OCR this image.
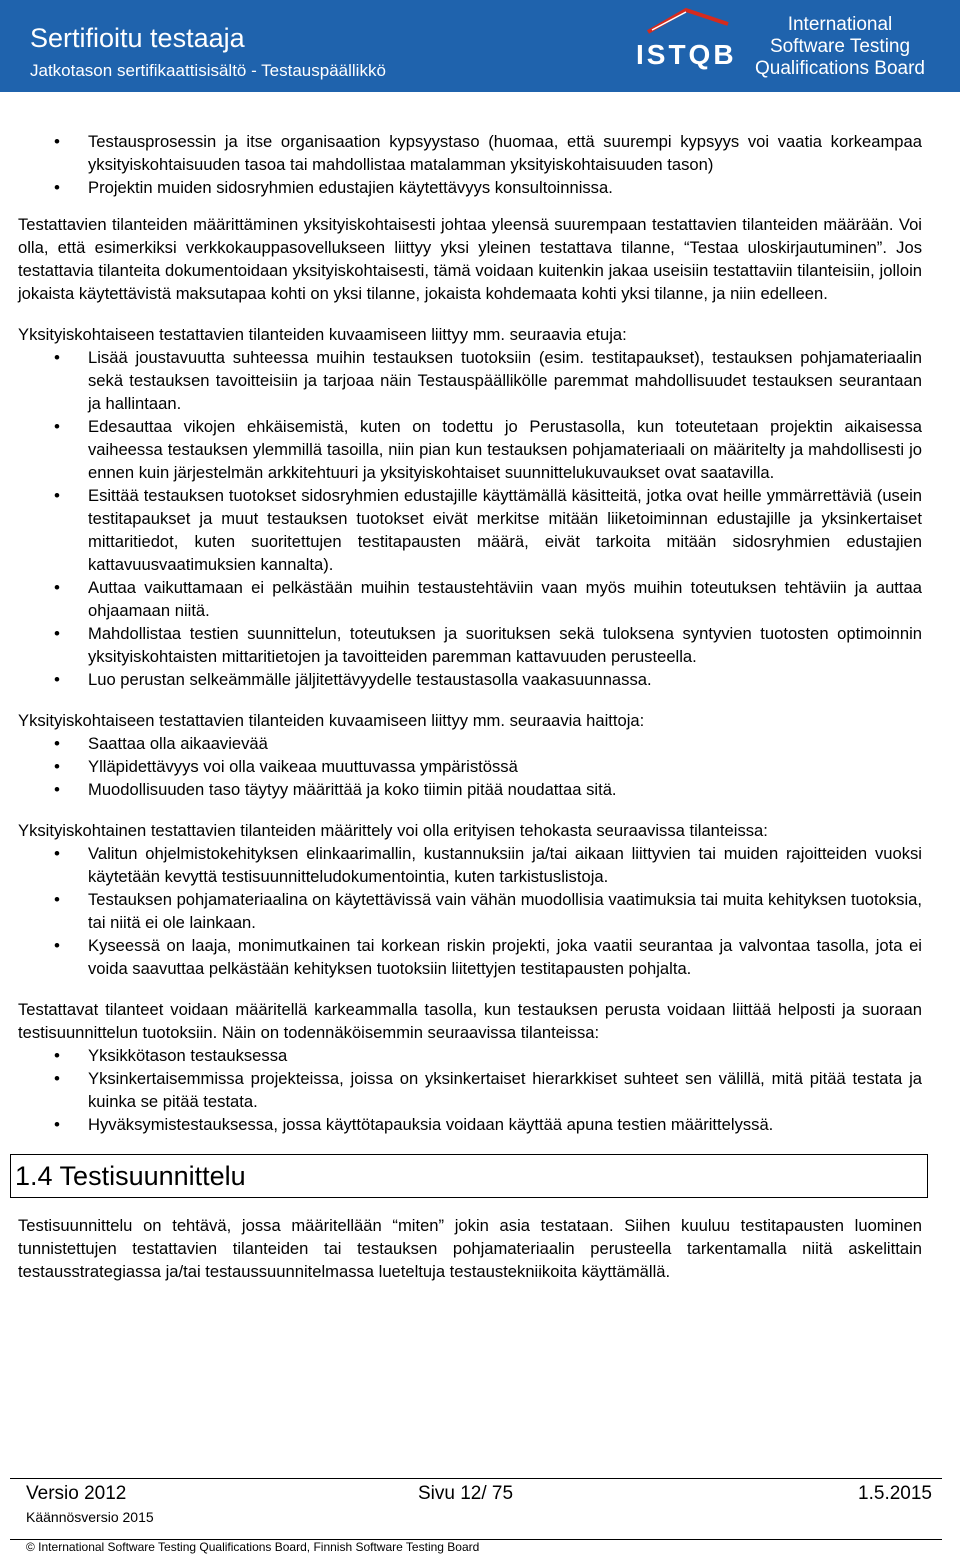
Sertifioitu testaaja
Jatkotason sertifikaattisisältö - Testauspäällikkö
ISTQB
International
Software Testing
Qualifications Board
• Testausprosessin ja itse organisaation kypsyystaso (huomaa, että suurempi kypsyys voi vaatia korkeampaa yksityiskohtaisuuden tasoa tai mahdollistaa matalamman yksityiskohtaisuuden tason)
• Projektin muiden sidosryhmien edustajien käytettävyys konsultoinnissa.

Testattavien tilanteiden määrittäminen yksityiskohtaisesti johtaa yleensä suurempaan testattavien tilanteiden määrään. Voi olla, että esimerkiksi verkkokauppasovellukseen liittyy yksi yleinen testattava tilanne, “Testaa uloskirjautuminen”. Jos testattavia tilanteita dokumentoidaan yksityiskohtaisesti, tämä voidaan kuitenkin jakaa useisiin testattaviin tilanteisiin, jolloin jokaista käytettävistä maksutapaa kohti on yksi tilanne, jokaista kohdemaata kohti yksi tilanne, ja niin edelleen.

Yksityiskohtaiseen testattavien tilanteiden kuvaamiseen liittyy mm. seuraavia etuja:

• Lisää joustavuutta suhteessa muihin testauksen tuotoksiin (esim. testitapaukset), testauksen pohjamateriaalin sekä testauksen tavoitteisiin ja tarjoaa näin Testauspäällikölle paremmat mahdollisuudet testauksen seurantaan ja hallintaan.
• Edesauttaa vikojen ehkäisemistä, kuten on todettu jo Perustasolla, kun toteutetaan projektin aikaisessa vaiheessa testauksen ylemmillä tasoilla, niin pian kun testauksen pohjamateriaali on määritelty ja mahdollisesti jo ennen kuin järjestelmän arkkitehtuuri ja yksityiskohtaiset suunnittelukuvaukset ovat saatavilla.
• Esittää testauksen tuotokset sidosryhmien edustajille käyttämällä käsitteitä, jotka ovat heille ymmärrettäviä (usein testitapaukset ja muut testauksen tuotokset eivät merkitse mitään liiketoiminnan edustajille ja yksinkertaiset mittaritiedot, kuten suoritettujen testitapausten määrä, eivät tarkoita mitään sidosryhmien edustajien kattavuusvaatimuksien kannalta).
• Auttaa vaikuttamaan ei pelkästään muihin testaustehtäviin vaan myös muihin toteutuksen tehtäviin ja auttaa ohjaamaan niitä.
• Mahdollistaa testien suunnittelun, toteutuksen ja suorituksen sekä tuloksena syntyvien tuotosten optimoinnin yksityiskohtaisten mittaritietojen ja tavoitteiden paremman kattavuuden perusteella.
• Luo perustan selkeämmälle jäljitettävyydelle testaustasolla vaakasuunnassa.

Yksityiskohtaiseen testattavien tilanteiden kuvaamiseen liittyy mm. seuraavia haittoja:

• Saattaa olla aikaavievää
• Ylläpidettävyys voi olla vaikeaa muuttuvassa ympäristössä
• Muodollisuuden taso täytyy määrittää ja koko tiimin pitää noudattaa sitä.

Yksityiskohtainen testattavien tilanteiden määrittely voi olla erityisen tehokasta seuraavissa tilanteissa:

• Valitun ohjelmistokehityksen elinkaarimallin, kustannuksiin ja/tai aikaan liittyvien tai muiden rajoitteiden vuoksi käytetään kevyttä testisuunnitteludokumentointia, kuten tarkistuslistoja.
• Testauksen pohjamateriaalina on käytettävissä vain vähän muodollisia vaatimuksia tai muita kehityksen tuotoksia, tai niitä ei ole lainkaan.
• Kyseessä on laaja, monimutkainen tai korkean riskin projekti, joka vaatii seurantaa ja valvontaa tasolla, jota ei voida saavuttaa pelkästään kehityksen tuotoksiin liitettyjen testitapausten pohjalta.

Testattavat tilanteet voidaan määritellä karkeammalla tasolla, kun testauksen perusta voidaan liittää helposti ja suoraan testisuunnittelun tuotoksiin. Näin on todennäköisemmin seuraavissa tilanteissa:

• Yksikkötason testauksessa
• Yksinkertaisemmissa projekteissa, joissa on yksinkertaiset hierarkkiset suhteet sen välillä, mitä pitää testata ja kuinka se pitää testata.
• Hyväksymistestauksessa, jossa käyttötapauksia voidaan käyttää apuna testien määrittelyssä.
1.4 Testisuunnittelu

Testisuunnittelu on tehtävä, jossa määritellään “miten” jokin asia testataan. Siihen kuuluu testitapausten luominen tunnistettujen testattavien tilanteiden tai testauksen pohjamateriaalin perusteella tarkentamalla niitä askelittain testausstrategiassa ja/tai testaussuunnitelmassa lueteltuja testaustekniikoita käyttämällä.

Versio 2012	Sivu 12/ 75	1.5.2015
Käännösversio 2015
© International Software Testing Qualifications Board, Finnish Software Testing Board
